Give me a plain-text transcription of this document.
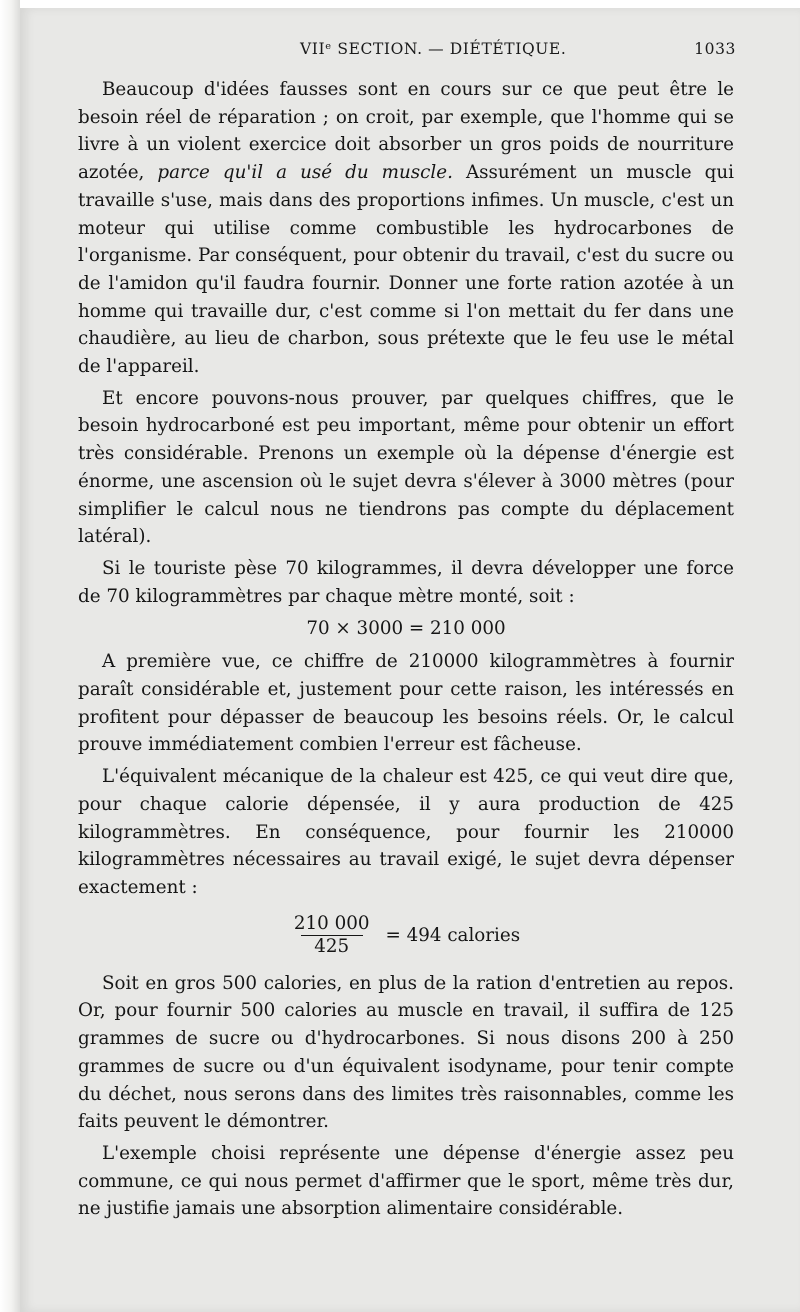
VIIᵉ SECTION. — DIÉTÉTIQUE.	1033

Beaucoup d'idées fausses sont en cours sur ce que peut être le besoin réel de réparation ; on croit, par exemple, que l'homme qui se livre à un violent exercice doit absorber un gros poids de nourriture azotée, parce qu'il a usé du muscle. Assurément un muscle qui travaille s'use, mais dans des proportions infimes. Un muscle, c'est un moteur qui utilise comme combustible les hydrocarbones de l'organisme. Par conséquent, pour obtenir du travail, c'est du sucre ou de l'amidon qu'il faudra fournir. Donner une forte ration azotée à un homme qui travaille dur, c'est comme si l'on mettait du fer dans une chaudière, au lieu de charbon, sous prétexte que le feu use le métal de l'appareil.

Et encore pouvons-nous prouver, par quelques chiffres, que le besoin hydrocarboné est peu important, même pour obtenir un effort très considérable. Prenons un exemple où la dépense d'énergie est énorme, une ascension où le sujet devra s'élever à 3000 mètres (pour simplifier le calcul nous ne tiendrons pas compte du déplacement latéral).

Si le touriste pèse 70 kilogrammes, il devra développer une force de 70 kilogrammètres par chaque mètre monté, soit :

70 × 3000 = 210 000

A première vue, ce chiffre de 210000 kilogrammètres à fournir paraît considérable et, justement pour cette raison, les intéressés en profitent pour dépasser de beaucoup les besoins réels. Or, le calcul prouve immédiatement combien l'erreur est fâcheuse.

L'équivalent mécanique de la chaleur est 425, ce qui veut dire que, pour chaque calorie dépensée, il y aura production de 425 kilogrammètres. En conséquence, pour fournir les 210000 kilogrammètres nécessaires au travail exigé, le sujet devra dépenser exactement :

$\frac{210 000}{425} = 494$ calories

Soit en gros 500 calories, en plus de la ration d'entretien au repos. Or, pour fournir 500 calories au muscle en travail, il suffira de 125 grammes de sucre ou d'hydrocarbones. Si nous disons 200 à 250 grammes de sucre ou d'un équivalent isodyname, pour tenir compte du déchet, nous serons dans des limites très raisonnables, comme les faits peuvent le démontrer.

L'exemple choisi représente une dépense d'énergie assez peu commune, ce qui nous permet d'affirmer que le sport, même très dur, ne justifie jamais une absorption alimentaire considérable.
